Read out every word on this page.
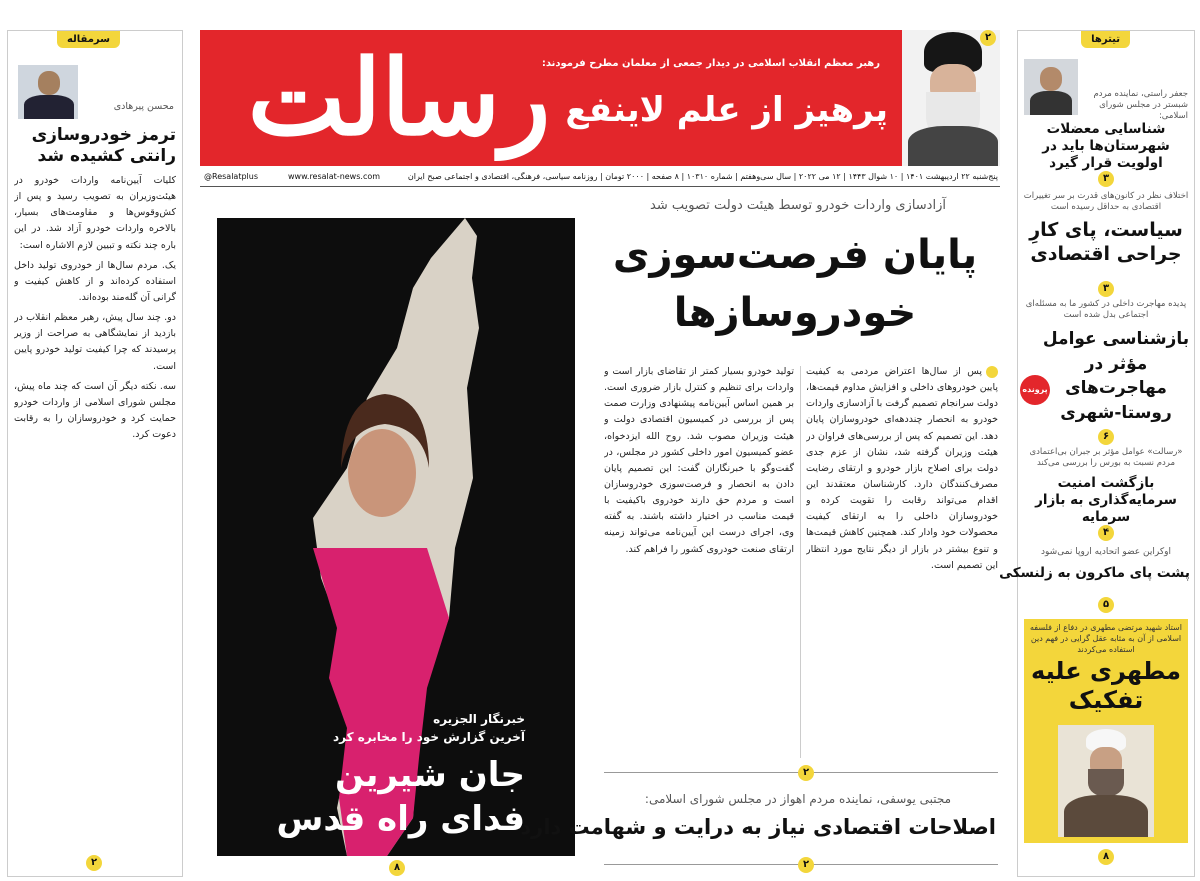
رسالت
رهبر معظم انقلاب اسلامی در دیدار جمعی از معلمان مطرح فرمودند:
پرهیز از علم لاینفع
۲
پنج‌شنبه ۲۲ اردیبهشت ۱۴۰۱ | ۱۰ شوال ۱۴۴۳ | ۱۲ می ۲۰۲۲ | سال سی‌وهفتم | شماره ۱۰۳۱۰ | ۸ صفحه | ۲۰۰۰ تومان | روزنامه سیاسی، فرهنگی، اقتصادی و اجتماعی صبح ایران
www.resalat-news.com
@Resalatplus
سرمقاله
محسن پیرهادی
ترمز خودروسازی رانتی کشیده شد

کلیات آیین‌نامه واردات خودرو در هیئت‌وزیران به تصویب رسید و پس از کش‌وقوس‌ها و مقاومت‌های بسیار، بالاخره واردات خودرو آزاد شد. در این باره چند نکته و تبیین لازم الاشاره است:

یک. مردم سال‌ها از خودروی تولید داخل استفاده کرده‌اند و از کاهش کیفیت و گرانی آن گله‌مند بوده‌اند.

دو. چند سال پیش، رهبر معظم انقلاب در بازدید از نمایشگاهی به صراحت از وزیر پرسیدند که چرا کیفیت تولید خودرو پایین است.

سه. نکته دیگر آن است که چند ماه پیش، مجلس شورای اسلامی از واردات خودرو حمایت کرد و خودروسازان را به رقابت دعوت کرد.

۲
خبرنگار الجزیره
آخرین گزارش خود را مخابره کرد
جان شیرین
فدای راه قدس
۸
آزادسازی واردات خودرو توسط هیئت دولت تصویب شد
پایان فرصت‌سوزی
خودروسازها

پس از سال‌ها اعتراض مردمی به کیفیت پایین خودروهای داخلی و افزایش مداوم قیمت‌ها، دولت سرانجام تصمیم گرفت با آزادسازی واردات خودرو به انحصار چنددهه‌ای خودروسازان پایان دهد. این تصمیم که پس از بررسی‌های فراوان در هیئت وزیران گرفته شد، نشان از عزم جدی دولت برای اصلاح بازار خودرو و ارتقای رضایت مصرف‌کنندگان دارد. کارشناسان معتقدند این اقدام می‌تواند رقابت را تقویت کرده و خودروسازان داخلی را به ارتقای کیفیت محصولات خود وادار کند. همچنین کاهش قیمت‌ها و تنوع بیشتر در بازار از دیگر نتایج مورد انتظار این تصمیم است.

تولید خودرو بسیار کمتر از تقاضای بازار است و واردات برای تنظیم و کنترل بازار ضروری است. بر همین اساس آیین‌نامه پیشنهادی وزارت صمت پس از بررسی در کمیسیون اقتصادی دولت و هیئت وزیران مصوب شد. روح الله ایزدخواه، عضو کمیسیون امور داخلی کشور در مجلس، در گفت‌وگو با خبرنگاران گفت: این تصمیم پایان دادن به انحصار و فرصت‌سوزی خودروسازان است و مردم حق دارند خودروی باکیفیت با قیمت مناسب در اختیار داشته باشند. به گفته وی، اجرای درست این آیین‌نامه می‌تواند زمینه ارتقای صنعت خودروی کشور را فراهم کند.

۲
مجتبی یوسفی، نماینده مردم اهواز در مجلس شورای اسلامی:
اصلاحات اقتصادی نیاز به درایت و شهامت دارد
۲
تیترها
جعفر راستی، نماینده مردم شبستر در مجلس شورای اسلامی:
شناسایی معضلات شهرستان‌ها باید در اولویت قرار گیرد
۳
اختلاف نظر در کانون‌های قدرت بر سر تغییرات اقتصادی به حداقل رسیده است
سیاست، پای کارِ جراحی اقتصادی
۳
پدیده مهاجرت داخلی در کشور ما به مسئله‌ای اجتماعی بدل شده است
بازشناسی عوامل مؤثر در مهاجرت‌های روستا-شهری
پرونده
۶
«رسالت» عوامل مؤثر بر جبران بی‌اعتمادی مردم نسبت به بورس را بررسی می‌کند
بازگشت امنیت سرمایه‌گذاری به بازار سرمایه
۴
اوکراین عضو اتحادیه اروپا نمی‌شود
پشت پای ماکرون به زلنسکی
۵
استاد شهید مرتضی مطهری در دفاع از فلسفه اسلامی از آن به مثابه عقل گرایی در فهم دین استفاده می‌کردند
مطهری علیه تفکیک
۸
